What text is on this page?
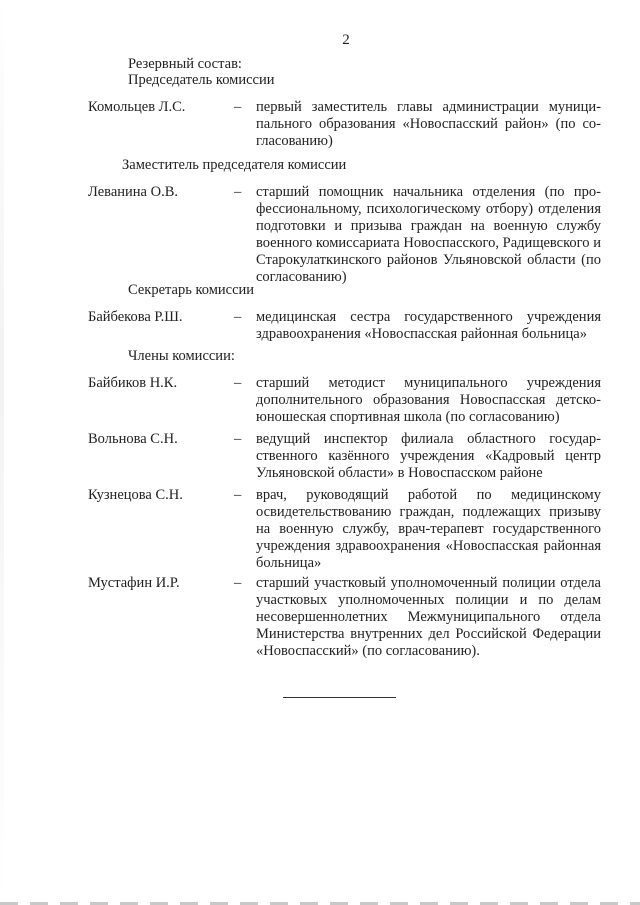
2
Резервный состав:
Председатель комиссии
Комольцев Л.С.	– первый заместитель главы администрации муниципального образования «Новоспасский район» (по согласованию)
Заместитель председателя комиссии
Леванина О.В.	– старший помощник начальника отделения (по профессиональному, психологическому отбору) отделения подготовки и призыва граждан на военную службу военного комиссариата Новоспасского, Радищевского и Старокулаткинского районов Ульяновской области (по согласованию)
Секретарь комиссии
Байбекова Р.Ш.	– медицинская сестра государственного учреждения здравоохранения «Новоспасская районная больница»
Члены комиссии:
Байбиков Н.К.	– старший методист муниципального учреждения дополнительного образования Новоспасская детско-юношеская спортивная школа (по согласованию)
Вольнова С.Н.	– ведущий инспектор филиала областного государственного казённого учреждения «Кадровый центр Ульяновской области» в Новоспасском районе
Кузнецова С.Н.	– врач, руководящий работой по медицинскому освидетельствованию граждан, подлежащих призыву на военную службу, врач-терапевт государственного учреждения здравоохранения «Новоспасская районная больница»
Мустафин И.Р.	– старший участковый уполномоченный полиции отдела участковых уполномоченных полиции и по делам несовершеннолетних Межмуниципального отдела Министерства внутренних дел Российской Федерации «Новоспасский» (по согласованию).
